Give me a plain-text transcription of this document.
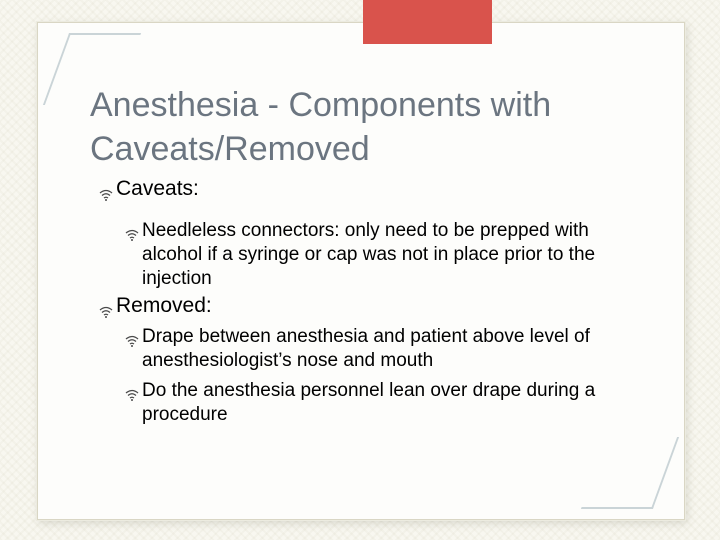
Anesthesia - Components with Caveats/Removed
Caveats:
Needleless connectors: only need to be prepped with alcohol if a syringe or cap was not in place prior to the injection
Removed:
Drape between anesthesia and patient above level of anesthesiologist’s nose and mouth
Do the anesthesia personnel lean over drape during a procedure
